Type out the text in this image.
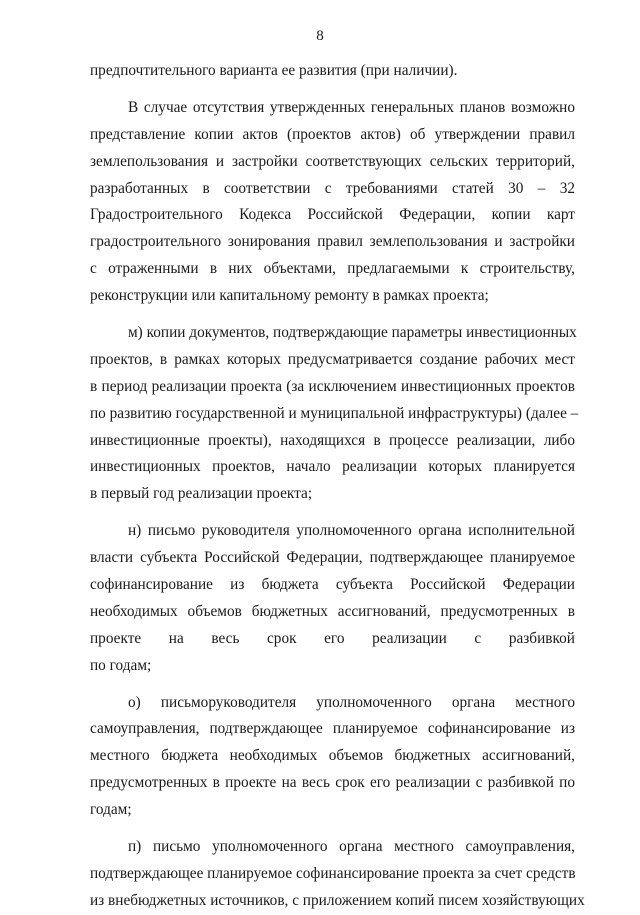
8
предпочтительного варианта ее развития (при наличии).
В случае отсутствия утвержденных генеральных планов возможно
представление копии актов (проектов актов) об утверждении правил
землепользования и застройки соответствующих сельских территорий,
разработанных в соответствии с требованиями статей 30 – 32
Градостроительного Кодекса Российской Федерации, копии карт
градостроительного зонирования правил землепользования и застройки
с отраженными в них объектами, предлагаемыми к строительству,
реконструкции или капитальному ремонту в рамках проекта;
м) копии документов, подтверждающие параметры инвестиционных
проектов, в рамках которых предусматривается создание рабочих мест
в период реализации проекта (за исключением инвестиционных проектов
по развитию государственной и муниципальной инфраструктуры) (далее –
инвестиционные проекты), находящихся в процессе реализации, либо
инвестиционных проектов, начало реализации которых планируется
в первый год реализации проекта;
н) письмо руководителя уполномоченного органа исполнительной
власти субъекта Российской Федерации, подтверждающее планируемое
софинансирование из бюджета субъекта Российской Федерации
необходимых объемов бюджетных ассигнований, предусмотренных в
проекте на весь срок его реализации с разбивкой
по годам;
о) письморуководителя уполномоченного органа местного
самоуправления, подтверждающее планируемое софинансирование из
местного бюджета необходимых объемов бюджетных ассигнований,
предусмотренных в проекте на весь срок его реализации с разбивкой по
годам;
п) письмо уполномоченного органа местного самоуправления,
подтверждающее планируемое софинансирование проекта за счет средств
из внебюджетных источников, с приложением копий писем хозяйствующих
